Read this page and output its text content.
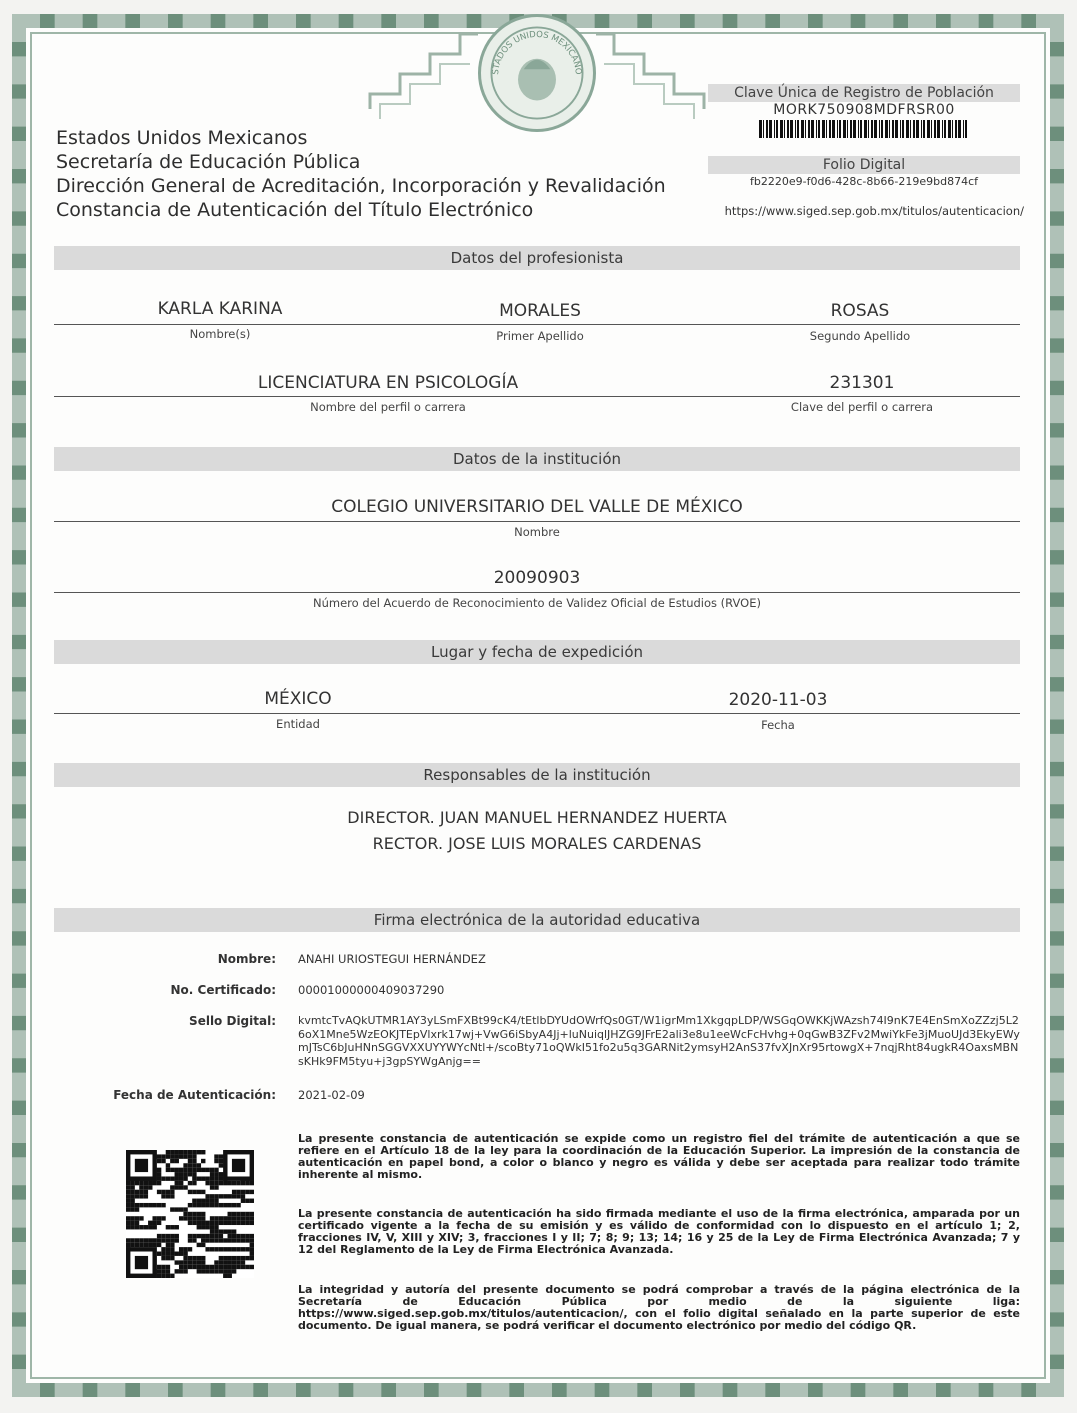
STADOS UNIDOS MEXICANO
Estados Unidos Mexicanos
Secretaría de Educación Pública
Dirección General de Acreditación, Incorporación y Revalidación
Constancia de Autenticación del Título Electrónico
Clave Única de Registro de Población
MORK750908MDFRSR00
Folio Digital
fb2220e9-f0d6-428c-8b66-219e9bd874cf
https://www.siged.sep.gob.mx/titulos/autenticacion/
Datos del profesionista
KARLA KARINA	MORALES	ROSAS
Nombre(s)	Primer Apellido	Segundo Apellido
LICENCIATURA EN PSICOLOGÍA	231301
Nombre del perfil o carrera	Clave del perfil o carrera
Datos de la institución
COLEGIO UNIVERSITARIO DEL VALLE DE MÉXICO
Nombre
20090903
Número del Acuerdo de Reconocimiento de Validez Oficial de Estudios (RVOE)
Lugar y fecha de expedición
MÉXICO	2020-11-03
Entidad	Fecha
Responsables de la institución
DIRECTOR. JUAN MANUEL HERNANDEZ HUERTA
RECTOR. JOSE LUIS MORALES CARDENAS
Firma electrónica de la autoridad educativa
Nombre: ANAHI URIOSTEGUI HERNÁNDEZ
No. Certificado: 00001000000409037290
Sello Digital: kvmtcTvAQkUTMR1AY3yLSmFXBt99cK4/tEtlbDYUdOWrfQs0GT/W1igrMm1XkgqpLDP/WSGqOWKKjWAzsh74I9nK7E4EnSmXoZZzj5L26oX1Mne5WzEOKJTEpVlxrk17wj+VwG6iSbyA4Jj+luNuiqlJHZG9JFrE2ali3e8u1eeWcFcHvhg+0qGwB3ZFv2MwiYkFe3jMuoUJd3EkyEWymJTsC6bJuHNnSGGVXXUYYWYcNtl+/scoBty71oQWkI51fo2u5q3GARNit2ymsyH2AnS37fvXJnXr95rtowgX+7nqjRht84ugkR4OaxsMBNsKHk9FM5tyu+j3gpSYWgAnjg==
Fecha de Autenticación: 2021-02-09
La presente constancia de autenticación se expide como un registro fiel del trámite de autenticación a que se refiere en el Artículo 18 de la ley para la coordinación de la Educación Superior. La impresión de la constancia de autenticación en papel bond, a color o blanco y negro es válida y debe ser aceptada para realizar todo trámite inherente al mismo.
La presente constancia de autenticación ha sido firmada mediante el uso de la firma electrónica, amparada por un certificado vigente a la fecha de su emisión y es válido de conformidad con lo dispuesto en el artículo 1; 2, fracciones IV, V, XIII y XIV; 3, fracciones I y II; 7; 8; 9; 13; 14; 16 y 25 de la Ley de Firma Electrónica Avanzada; 7 y 12 del Reglamento de la Ley de Firma Electrónica Avanzada.
La integridad y autoría del presente documento se podrá comprobar a través de la página electrónica de la Secretaría de Educación Pública por medio de la siguiente liga: https://www.siged.sep.gob.mx/titulos/autenticacion/, con el folio digital señalado en la parte superior de este documento. De igual manera, se podrá verificar el documento electrónico por medio del código QR.
